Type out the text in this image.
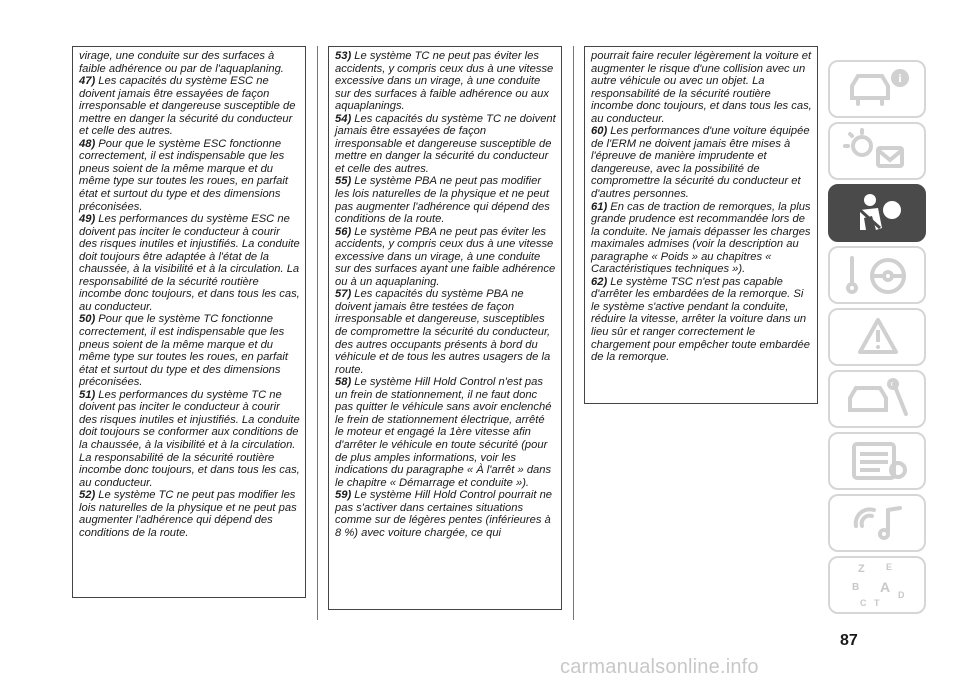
virage, une conduite sur des surfaces à faible adhérence ou par de l'aquaplaning.

47) Les capacités du système ESC ne doivent jamais être essayées de façon irresponsable et dangereuse susceptible de mettre en danger la sécurité du conducteur et celle des autres.

48) Pour que le système ESC fonctionne correctement, il est indispensable que les pneus soient de la même marque et du même type sur toutes les roues, en parfait état et surtout du type et des dimensions préconisées.

49) Les performances du système ESC ne doivent pas inciter le conducteur à courir des risques inutiles et injustifiés. La conduite doit toujours être adaptée à l'état de la chaussée, à la visibilité et à la circulation. La responsabilité de la sécurité routière incombe donc toujours, et dans tous les cas, au conducteur.

50) Pour que le système TC fonctionne correctement, il est indispensable que les pneus soient de la même marque et du même type sur toutes les roues, en parfait état et surtout du type et des dimensions préconisées.

51) Les performances du système TC ne doivent pas inciter le conducteur à courir des risques inutiles et injustifiés. La conduite doit toujours se conformer aux conditions de la chaussée, à la visibilité et à la circulation. La responsabilité de la sécurité routière incombe donc toujours, et dans tous les cas, au conducteur.

52) Le système TC ne peut pas modifier les lois naturelles de la physique et ne peut pas augmenter l'adhérence qui dépend des conditions de la route.

53) Le système TC ne peut pas éviter les accidents, y compris ceux dus à une vitesse excessive dans un virage, à une conduite sur des surfaces à faible adhérence ou aux aquaplanings.

54) Les capacités du système TC ne doivent jamais être essayées de façon irresponsable et dangereuse susceptible de mettre en danger la sécurité du conducteur et celle des autres.

55) Le système PBA ne peut pas modifier les lois naturelles de la physique et ne peut pas augmenter l'adhérence qui dépend des conditions de la route.

56) Le système PBA ne peut pas éviter les accidents, y compris ceux dus à une vitesse excessive dans un virage, à une conduite sur des surfaces ayant une faible adhérence ou à un aquaplaning.

57) Les capacités du système PBA ne doivent jamais être testées de façon irresponsable et dangereuse, susceptibles de compromettre la sécurité du conducteur, des autres occupants présents à bord du véhicule et de tous les autres usagers de la route.

58) Le système Hill Hold Control n'est pas un frein de stationnement, il ne faut donc pas quitter le véhicule sans avoir enclenché le frein de stationnement électrique, arrêté le moteur et engagé la 1ère vitesse afin d'arrêter le véhicule en toute sécurité (pour de plus amples informations, voir les indications du paragraphe « À l'arrêt » dans le chapitre « Démarrage et conduite »).

59) Le système Hill Hold Control pourrait ne pas s'activer dans certaines situations comme sur de légères pentes (inférieures à 8 %) avec voiture chargée, ce qui

pourrait faire reculer légèrement la voiture et augmenter le risque d'une collision avec un autre véhicule ou avec un objet. La responsabilité de la sécurité routière incombe donc toujours, et dans tous les cas, au conducteur.

60) Les performances d'une voiture équipée de l'ERM ne doivent jamais être mises à l'épreuve de manière imprudente et dangereuse, avec la possibilité de compromettre la sécurité du conducteur et d'autres personnes.

61) En cas de traction de remorques, la plus grande prudence est recommandée lors de la conduite. Ne jamais dépasser les charges maximales admises (voir la description au paragraphe « Poids » au chapitres « Caractéristiques techniques »).

62) Le système TSC n'est pas capable d'arrêter les embardées de la remorque. Si le système s'active pendant la conduite, réduire la vitesse, arrêter la voiture dans un lieu sûr et ranger correctement le chargement pour empêcher toute embardée de la remorque.

i
Z E
B A
C T
D
87
carmanualsonline.info
